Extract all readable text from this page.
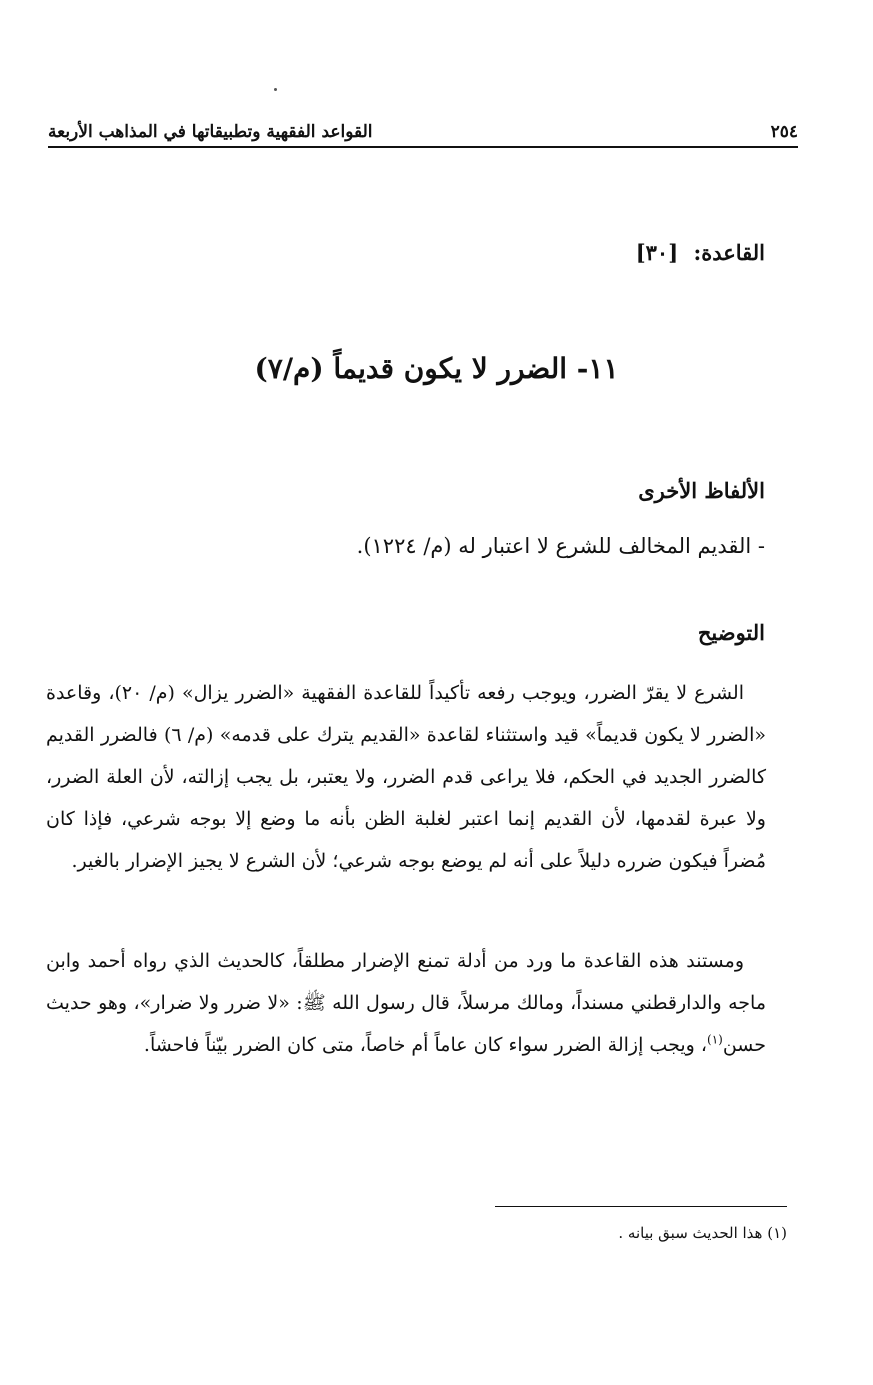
٢٥٤
القواعد الفقهية وتطبيقاتها في المذاهب الأربعة
القاعدة: [٣٠]
١١- الضرر لا يكون قديماً (م/٧)
الألفاظ الأخرى
- القديم المخالف للشرع لا اعتبار له (م/ ١٢٢٤).
التوضيح

الشرع لا يقرّ الضرر، ويوجب رفعه تأكيداً للقاعدة الفقهية «الضرر يزال» (م/ ٢٠)، وقاعدة «الضرر لا يكون قديماً» قيد واستثناء لقاعدة «القديم يترك على قدمه» (م/ ٦) فالضرر القديم كالضرر الجديد في الحكم، فلا يراعى قدم الضرر، ولا يعتبر، بل يجب إزالته، لأن العلة الضرر، ولا عبرة لقدمها، لأن القديم إنما اعتبر لغلبة الظن بأنه ما وضع إلا بوجه شرعي، فإذا كان مُضراً فيكون ضرره دليلاً على أنه لم يوضع بوجه شرعي؛ لأن الشرع لا يجيز الإضرار بالغير.

ومستند هذه القاعدة ما ورد من أدلة تمنع الإضرار مطلقاً، كالحديث الذي رواه أحمد وابن ماجه والدارقطني مسنداً، ومالك مرسلاً، قال رسول الله ﷺ: «لا ضرر ولا ضرار»، وهو حديث حسن$^{(١)}$، ويجب إزالة الضرر سواء كان عاماً أم خاصاً، متى كان الضرر بيّناً فاحشاً.

(١) هذا الحديث سبق بيانه .
